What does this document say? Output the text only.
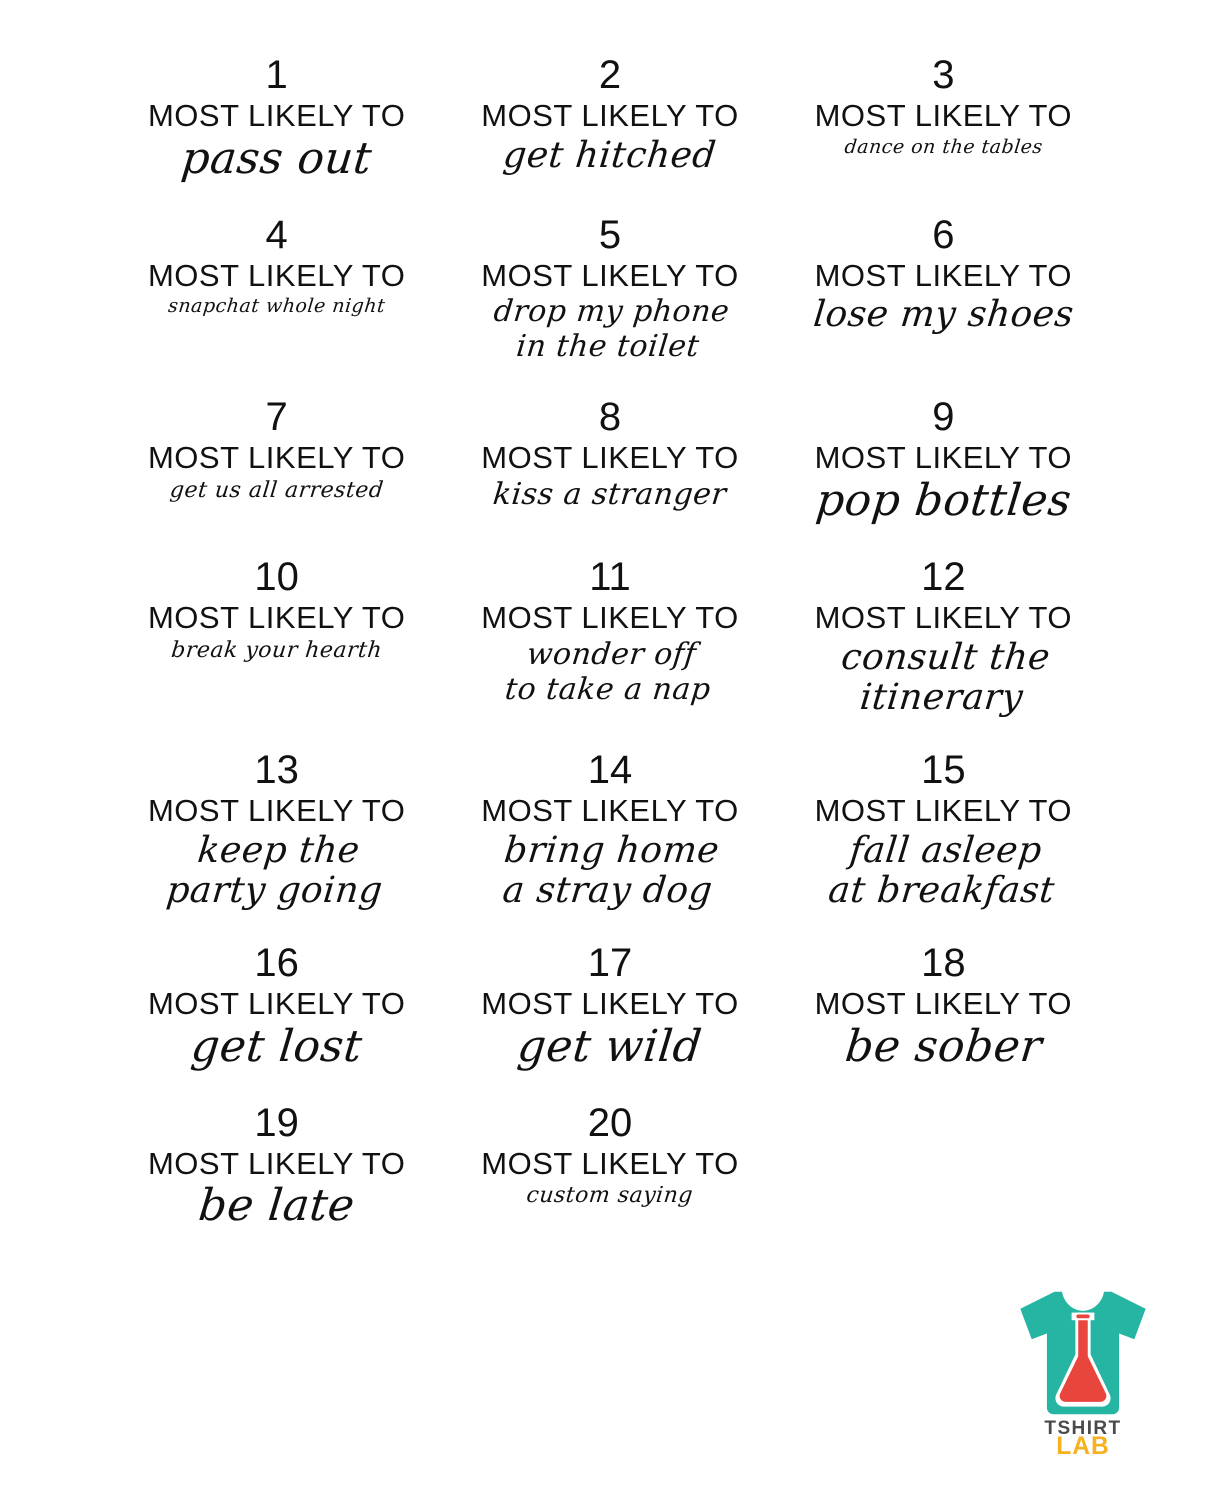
1
MOST LIKELY TO
pass out
2
MOST LIKELY TO
get hitched
3
MOST LIKELY TO
dance on the tables
4
MOST LIKELY TO
snapchat whole night
5
MOST LIKELY TO
drop my phone
in the toilet
6
MOST LIKELY TO
lose my shoes
7
MOST LIKELY TO
get us all arrested
8
MOST LIKELY TO
kiss a stranger
9
MOST LIKELY TO
pop bottles
10
MOST LIKELY TO
break your hearth
11
MOST LIKELY TO
wonder off
to take a nap
12
MOST LIKELY TO
consult the
itinerary
13
MOST LIKELY TO
keep the
party going
14
MOST LIKELY TO
bring home
a stray dog
15
MOST LIKELY TO
fall asleep
at breakfast
16
MOST LIKELY TO
get lost
17
MOST LIKELY TO
get wild
18
MOST LIKELY TO
be sober
19
MOST LIKELY TO
be late
20
MOST LIKELY TO
custom saying
TSHIRT
LAB
